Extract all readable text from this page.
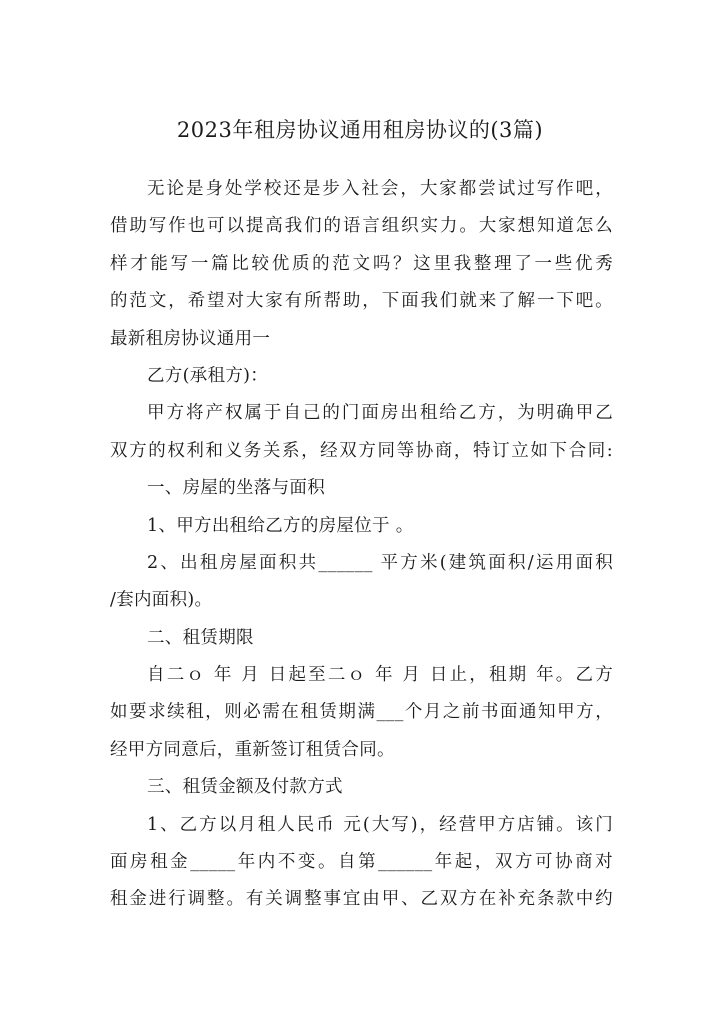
2023年租房协议通用租房协议的(3篇)
无论是身处学校还是步入社会，大家都尝试过写作吧，
借助写作也可以提高我们的语言组织实力。大家想知道怎么
样才能写一篇比较优质的范文吗？这里我整理了一些优秀
的范文，希望对大家有所帮助，下面我们就来了解一下吧。
最新租房协议通用一
乙方(承租方)：
甲方将产权属于自己的门面房出租给乙方，为明确甲乙
双方的权利和义务关系，经双方同等协商，特订立如下合同:
一、房屋的坐落与面积
1、甲方出租给乙方的房屋位于 。
2、出租房屋面积共______ 平方米(建筑面积/运用面积
/套内面积)。
二、租赁期限
自二ｏ 年 月 日起至二ｏ 年 月 日止，租期 年。乙方
如要求续租，则必需在租赁期满___个月之前书面通知甲方，
经甲方同意后，重新签订租赁合同。
三、租赁金额及付款方式
1、乙方以月租人民币 元(大写)，经营甲方店铺。该门
面房租金_____年内不变。自第______年起，双方可协商对
租金进行调整。有关调整事宜由甲、乙双方在补充条款中约
